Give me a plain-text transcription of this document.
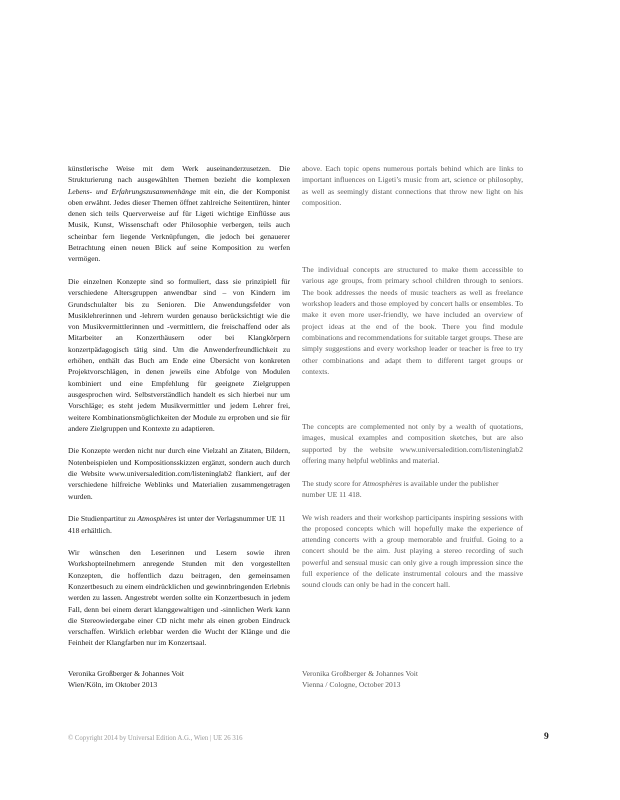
künstlerische Weise mit dem Werk auseinanderzusetzen. Die Strukturierung nach ausgewählten Themen bezieht die komplexen Lebens- und Erfahrungszusammenhänge mit ein, die der Komponist oben erwähnt. Jedes dieser Themen öffnet zahlreiche Seitentüren, hinter denen sich teils Querverweise auf für Ligeti wichtige Einflüsse aus Musik, Kunst, Wissenschaft oder Philosophie verbergen, teils auch scheinbar fern liegende Verknüpfungen, die jedoch bei genauerer Betrachtung einen neuen Blick auf seine Komposition zu werfen vermögen.

Die einzelnen Konzepte sind so formuliert, dass sie prinzipiell für verschiedene Altersgruppen anwendbar sind – von Kindern im Grundschulalter bis zu Senioren. Die Anwendungsfelder von Musiklehrerinnen und -lehrern wurden genauso berücksichtigt wie die von Musikvermittlerinnen und -vermittlern, die freischaffend oder als Mitarbeiter an Konzerthäusern oder bei Klangkörpern konzertpädagogisch tätig sind. Um die Anwenderfreundlichkeit zu erhöhen, enthält das Buch am Ende eine Übersicht von konkreten Projektvorschlägen, in denen jeweils eine Abfolge von Modulen kombiniert und eine Empfehlung für geeignete Zielgruppen ausgesprochen wird. Selbstverständlich handelt es sich hierbei nur um Vorschläge; es steht jedem Musikvermittler und jedem Lehrer frei, weitere Kombinationsmöglichkeiten der Module zu erproben und sie für andere Zielgruppen und Kontexte zu adaptieren.

Die Konzepte werden nicht nur durch eine Vielzahl an Zitaten, Bildern, Notenbeispielen und Kompositionsskizzen ergänzt, sondern auch durch die Website www.universaledition.com/listeninglab2 flankiert, auf der verschiedene hilfreiche Weblinks und Materialien zusammengetragen wurden.

Die Studienpartitur zu Atmosphères ist unter der Verlagsnummer UE 11 418 erhältlich.

Wir wünschen den Leserinnen und Lesern sowie ihren Workshopteilnehmern anregende Stunden mit den vorgestellten Konzepten, die hoffentlich dazu beitragen, den gemeinsamen Konzertbesuch zu einem eindrücklichen und gewinnbringenden Erlebnis werden zu lassen. Angestrebt werden sollte ein Konzertbesuch in jedem Fall, denn bei einem derart klanggewaltigen und -sinnlichen Werk kann die Stereowiedergabe einer CD nicht mehr als einen groben Eindruck verschaffen. Wirklich erlebbar werden die Wucht der Klänge und die Feinheit der Klangfarben nur im Konzertsaal.

above. Each topic opens numerous portals behind which are links to important influences on Ligeti’s music from art, science or philosophy, as well as seemingly distant connections that throw new light on his composition.

The individual concepts are structured to make them accessible to various age groups, from primary school children through to seniors. The book addresses the needs of music teachers as well as freelance workshop leaders and those employed by concert halls or ensembles. To make it even more user-friendly, we have included an overview of project ideas at the end of the book. There you find module combinations and recommendations for suitable target groups. These are simply suggestions and every workshop leader or teacher is free to try other combinations and adapt them to different target groups or contexts.

The concepts are complemented not only by a wealth of quotations, images, musical examples and composition sketches, but are also supported by the website www.universaledition.com/listeninglab2 offering many helpful weblinks and material.

The study score for Atmosphères is available under the publisher number UE 11 418.

We wish readers and their workshop participants inspiring sessions with the proposed concepts which will hopefully make the experience of attending concerts with a group memorable and fruitful. Going to a concert should be the aim. Just playing a stereo recording of such powerful and sensual music can only give a rough impression since the full experience of the delicate instrumental colours and the massive sound clouds can only be had in the concert hall.

Veronika Großberger & Johannes Voit
Wien/Köln, im Oktober 2013
Veronika Großberger & Johannes Voit
Vienna / Cologne, October 2013
© Copyright 2014 by Universal Edition A.G., Wien | UE 26 316	9
